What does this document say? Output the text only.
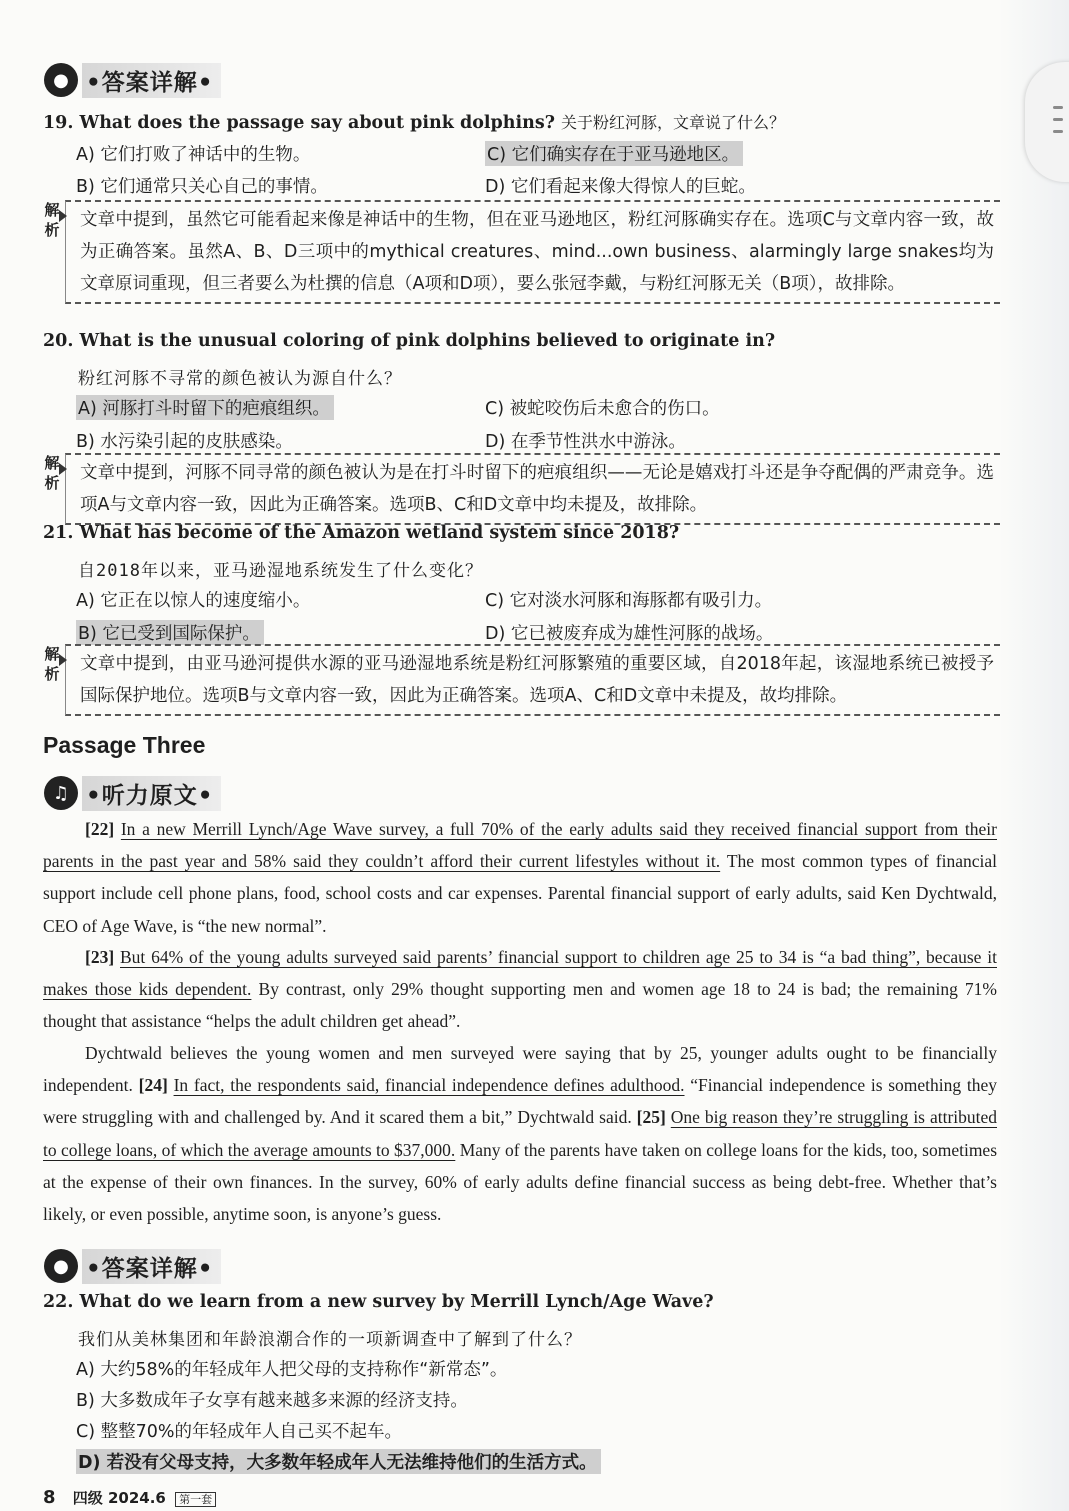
● •答案详解•
19. What does the passage say about pink dolphins? 关于粉红河豚，文章说了什么？
A) 它们打败了神话中的生物。	C) 它们确实存在于亚马逊地区。
B) 它们通常只关心自己的事情。	D) 它们看起来像大得惊人的巨蛇。
解析	文章中提到，虽然它可能看起来像是神话中的生物，但在亚马逊地区，粉红河豚确实存在。选项C与文章内容一致，故为正确答案。虽然A、B、D三项中的mythical creatures、mind...own business、alarmingly large snakes均为文章原词重现，但三者要么为杜撰的信息（A项和D项），要么张冠李戴，与粉红河豚无关（B项），故排除。
20. What is the unusual coloring of pink dolphins believed to originate in?
粉红河豚不寻常的颜色被认为源自什么？
A) 河豚打斗时留下的疤痕组织。	C) 被蛇咬伤后未愈合的伤口。
B) 水污染引起的皮肤感染。	D) 在季节性洪水中游泳。
解析	文章中提到，河豚不同寻常的颜色被认为是在打斗时留下的疤痕组织——无论是嬉戏打斗还是争夺配偶的严肃竞争。选项A与文章内容一致，因此为正确答案。选项B、C和D文章中均未提及，故排除。
21. What has become of the Amazon wetland system since 2018?
自2018年以来，亚马逊湿地系统发生了什么变化？
A) 它正在以惊人的速度缩小。	C) 它对淡水河豚和海豚都有吸引力。
B) 它已受到国际保护。	D) 它已被废弃成为雄性河豚的战场。
解析	文章中提到，由亚马逊河提供水源的亚马逊湿地系统是粉红河豚繁殖的重要区域，自2018年起，该湿地系统已被授予国际保护地位。选项B与文章内容一致，因此为正确答案。选项A、C和D文章中未提及，故均排除。
Passage Three
♫ •听力原文•
[22] In a new Merrill Lynch/Age Wave survey, a full 70% of the early adults said they received financial support from their parents in the past year and 58% said they couldn’t afford their current lifestyles without it. The most common types of financial support include cell phone plans, food, school costs and car expenses. Parental financial support of early adults, said Ken Dychtwald, CEO of Age Wave, is “the new normal”.
[23] But 64% of the young adults surveyed said parents’ financial support to children age 25 to 34 is “a bad thing”, because it makes those kids dependent. By contrast, only 29% thought supporting men and women age 18 to 24 is bad; the remaining 71% thought that assistance “helps the adult children get ahead”.
Dychtwald believes the young women and men surveyed were saying that by 25, younger adults ought to be financially independent. [24] In fact, the respondents said, financial independence defines adulthood. “Financial independence is something they were struggling with and challenged by. And it scared them a bit,” Dychtwald said. [25] One big reason they’re struggling is attributed to college loans, of which the average amounts to $37,000. Many of the parents have taken on college loans for the kids, too, sometimes at the expense of their own finances. In the survey, 60% of early adults define financial success as being debt-free. Whether that’s likely, or even possible, anytime soon, is anyone’s guess.
● •答案详解•
22. What do we learn from a new survey by Merrill Lynch/Age Wave?
我们从美林集团和年龄浪潮合作的一项新调查中了解到了什么？
A) 大约58%的年轻成年人把父母的支持称作“新常态”。
B) 大多数成年子女享有越来越多来源的经济支持。
C) 整整70%的年轻成年人自己买不起车。
D) 若没有父母支持，大多数年轻成年人无法维持他们的生活方式。
8 四级 2024.6 第一套
